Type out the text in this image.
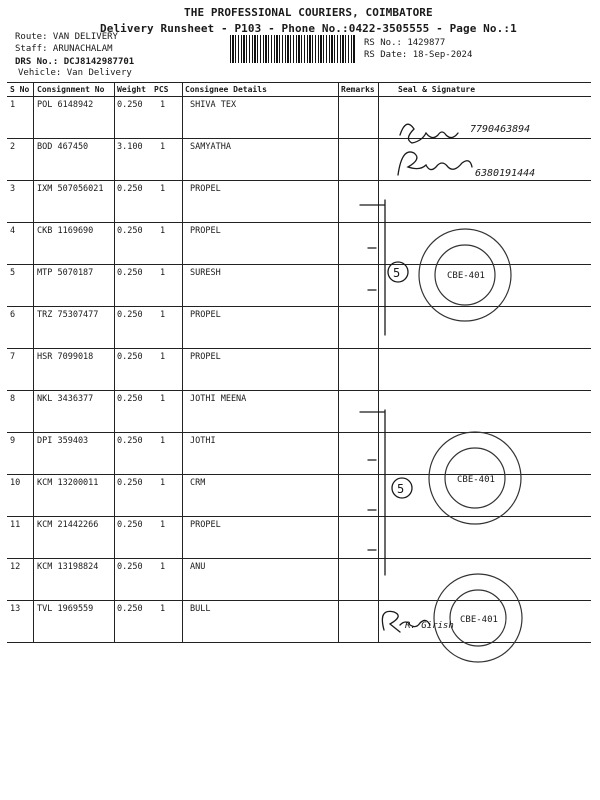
THE PROFESSIONAL COURIERS, COIMBATORE
Delivery Runsheet - P103 - Phone No.:0422-3505555 - Page No.:1
Route: VAN DELIVERY
Staff: ARUNACHALAM
DRS No.: DCJ8142987701
Vehicle: Van Delivery
RS No.: 1429877
RS Date: 18-Sep-2024
S No Consignment No Weight PCS Consignee Details	Remarks	Seal & Signature
1	POL 6148942	0.250 1	SHIVA TEX
2	BOD 467450	3.100 1	SAMYATHA
3	IXM 507056021 0.250 1	PROPEL
4	CKB 1169690	0.250 1	PROPEL
5	MTP 5070187	0.250 1	SURESH
6	TRZ 75307477 0.250 1	PROPEL
7	HSR 7099018	0.250 1	PROPEL
8	NKL 3436377	0.250 1	JOTHI MEENA
9	DPI 359403	0.250 1	JOTHI
10 KCM 13200011 0.250 1	CRM
11 KCM 21442266 0.250 1	PROPEL
12 KCM 13198824 0.250 1	ANU
13 TVL 1969559	0.250 1	BULL
7790463894
6380191444
5
5
R. Girish
CBE-401
CBE-401
CBE-401
